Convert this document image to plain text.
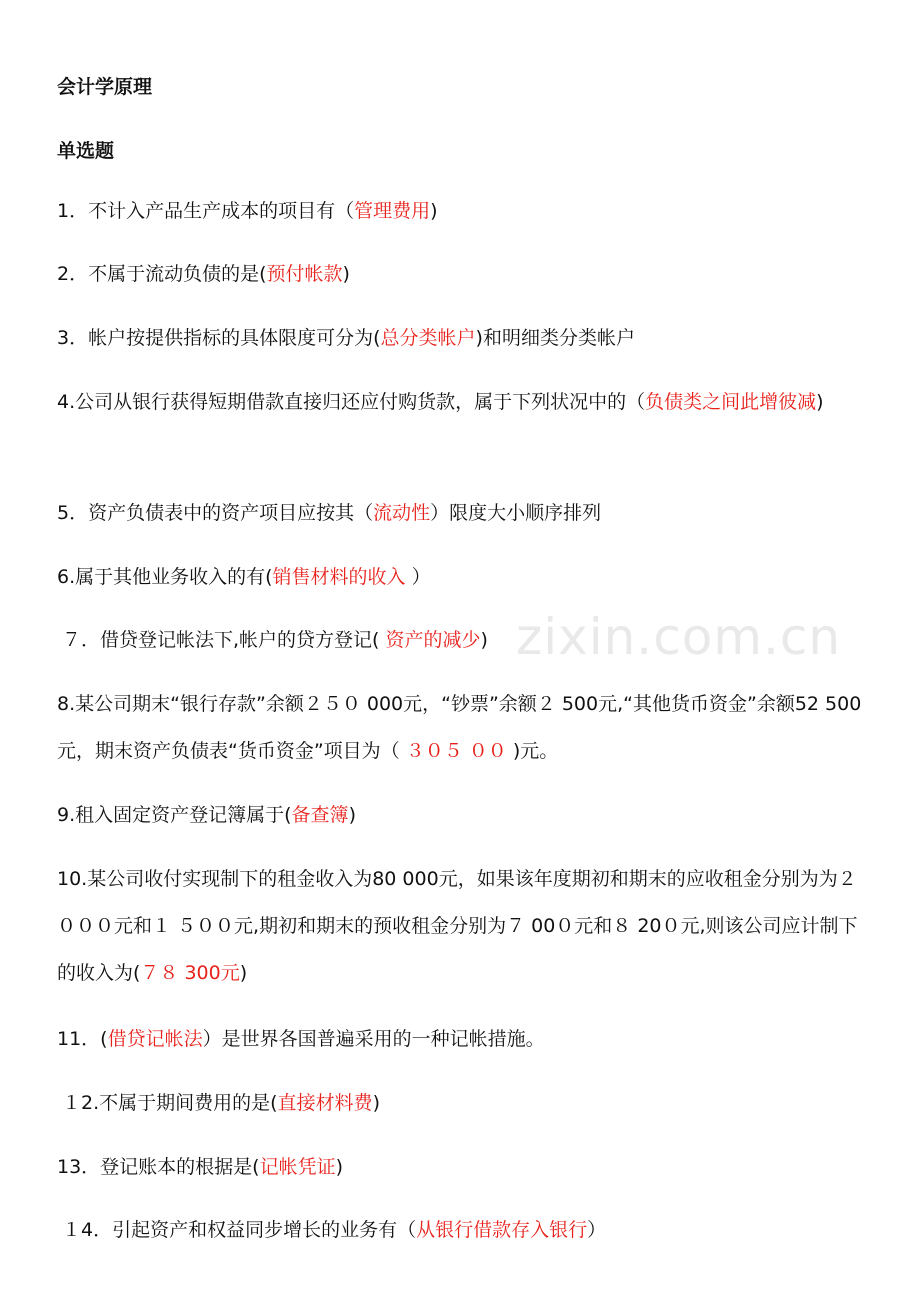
zixin.com.cn
会计学原理
单选题

1．不计入产品生产成本的项目有（管理费用)

2．不属于流动负债的是(预付帐款)

3．帐户按提供指标的具体限度可分为(总分类帐户)和明细类分类帐户

4.公司从银行获得短期借款直接归还应付购货款，属于下列状况中的（负债类之间此增彼减)

5．资产负债表中的资产项目应按其（流动性）限度大小顺序排列

6.属于其他业务收入的有(销售材料的收入 ）

７．借贷登记帐法下,帐户的贷方登记( 资产的减少)

8.某公司期末“银行存款”余额２５０ 000元，“钞票”余额２ 500元,“其他货币资金”余额52 500元，期末资产负债表“货币资金”项目为（ ３０５ ００ )元。

9.租入固定资产登记簿属于(备查簿)

10.某公司收付实现制下的租金收入为80 000元，如果该年度期初和期末的应收租金分别为为２０００元和１ ５００元,期初和期末的预收租金分别为７ 00０元和８ 20０元,则该公司应计制下的收入为(７８ 300元)

11．(借贷记帐法）是世界各国普遍采用的一种记帐措施。

１2.不属于期间费用的是(直接材料费)

13．登记账本的根据是(记帐凭证)

１4．引起资产和权益同步增长的业务有（从银行借款存入银行）
